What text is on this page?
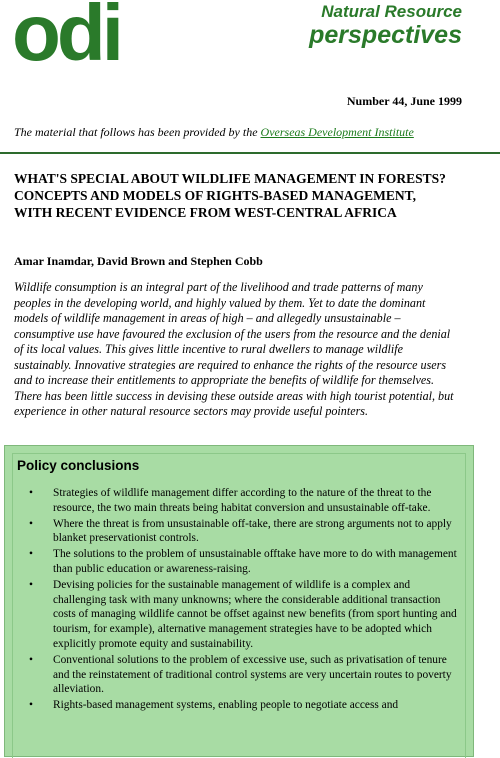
odi	Natural Resource
perspectives
Number 44, June 1999
The material that follows has been provided by the Overseas Development Institute
WHAT'S SPECIAL ABOUT WILDLIFE MANAGEMENT IN FORESTS? CONCEPTS AND MODELS OF RIGHTS-BASED MANAGEMENT, WITH RECENT EVIDENCE FROM WEST-CENTRAL AFRICA
Amar Inamdar, David Brown and Stephen Cobb
Wildlife consumption is an integral part of the livelihood and trade patterns of many peoples in the developing world, and highly valued by them. Yet to date the dominant models of wildlife management in areas of high – and allegedly unsustainable – consumptive use have favoured the exclusion of the users from the resource and the denial of its local values. This gives little incentive to rural dwellers to manage wildlife sustainably. Innovative strategies are required to enhance the rights of the resource users and to increase their entitlements to appropriate the benefits of wildlife for themselves. There has been little success in devising these outside areas with high tourist potential, but experience in other natural resource sectors may provide useful pointers.
Policy conclusions
• Strategies of wildlife management differ according to the nature of the threat to the resource, the two main threats being habitat conversion and unsustainable off-take.
• Where the threat is from unsustainable off-take, there are strong arguments not to apply blanket preservationist controls.
• The solutions to the problem of unsustainable offtake have more to do with management than public education or awareness-raising.
• Devising policies for the sustainable management of wildlife is a complex and challenging task with many unknowns; where the considerable additional transaction costs of managing wildlife cannot be offset against new benefits (from sport hunting and tourism, for example), alternative management strategies have to be adopted which explicitly promote equity and sustainability.
• Conventional solutions to the problem of excessive use, such as privatisation of tenure and the reinstatement of traditional control systems are very uncertain routes to poverty alleviation.
• Rights-based management systems, enabling people to negotiate access and
